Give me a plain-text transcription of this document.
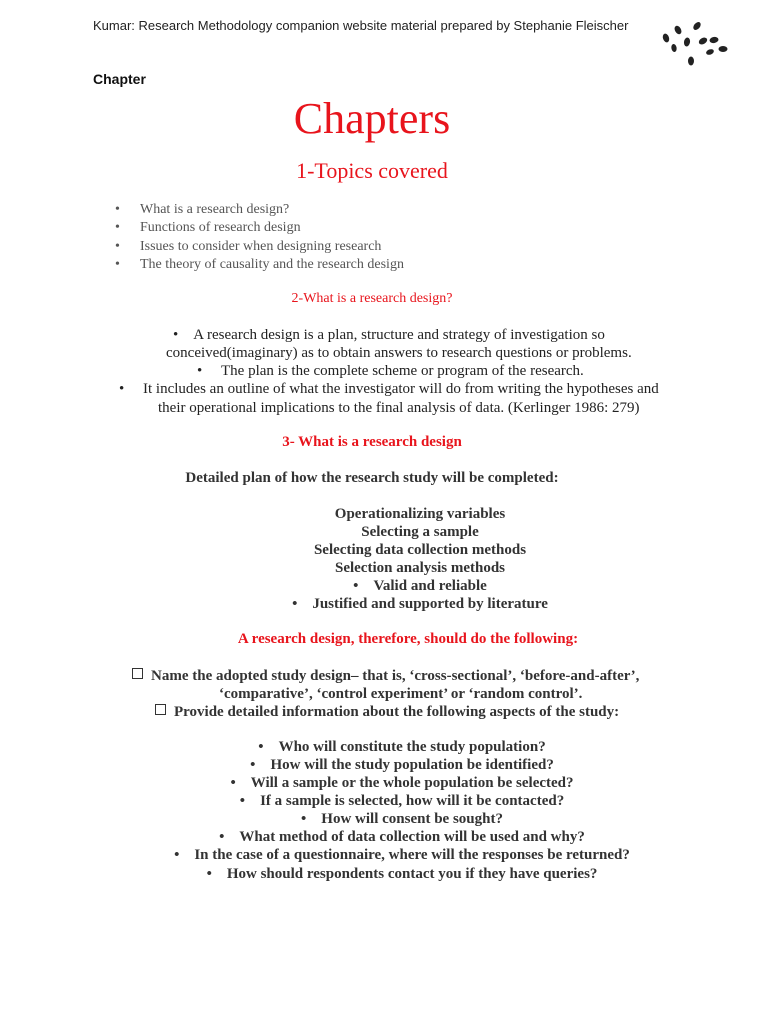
Kumar: Research Methodology companion website material prepared by Stephanie Fleischer
Chapter
Chapters
1-Topics covered
• What is a research design?
• Functions of research design
• Issues to consider when designing research
• The theory of causality and the research design
2-What is a research design?
•    A research design is a plan, structure and strategy of investigation so
conceived(imaginary) as to obtain answers to research questions or problems.
•     The plan is the complete scheme or program of the research.
•     It includes an outline of what the investigator will do from writing the hypotheses and
their operational implications to the final analysis of data. (Kerlinger 1986: 279)
3- What is a research design
Detailed plan of how the research study will be completed:
Operationalizing variables
Selecting a sample
Selecting data collection methods
Selection analysis methods
•    Valid and reliable
•    Justified and supported by literature
A research design, therefore, should do the following:
Name the adopted study design– that is, ‘cross-sectional’, ‘before-and-after’,
‘comparative’, ‘control experiment’ or ‘random control’.
Provide detailed information about the following aspects of the study:
•    Who will constitute the study population?
•    How will the study population be identified?
•    Will a sample or the whole population be selected?
•    If a sample is selected, how will it be contacted?
•    How will consent be sought?
•    What method of data collection will be used and why?
•    In the case of a questionnaire, where will the responses be returned?
•    How should respondents contact you if they have queries?
